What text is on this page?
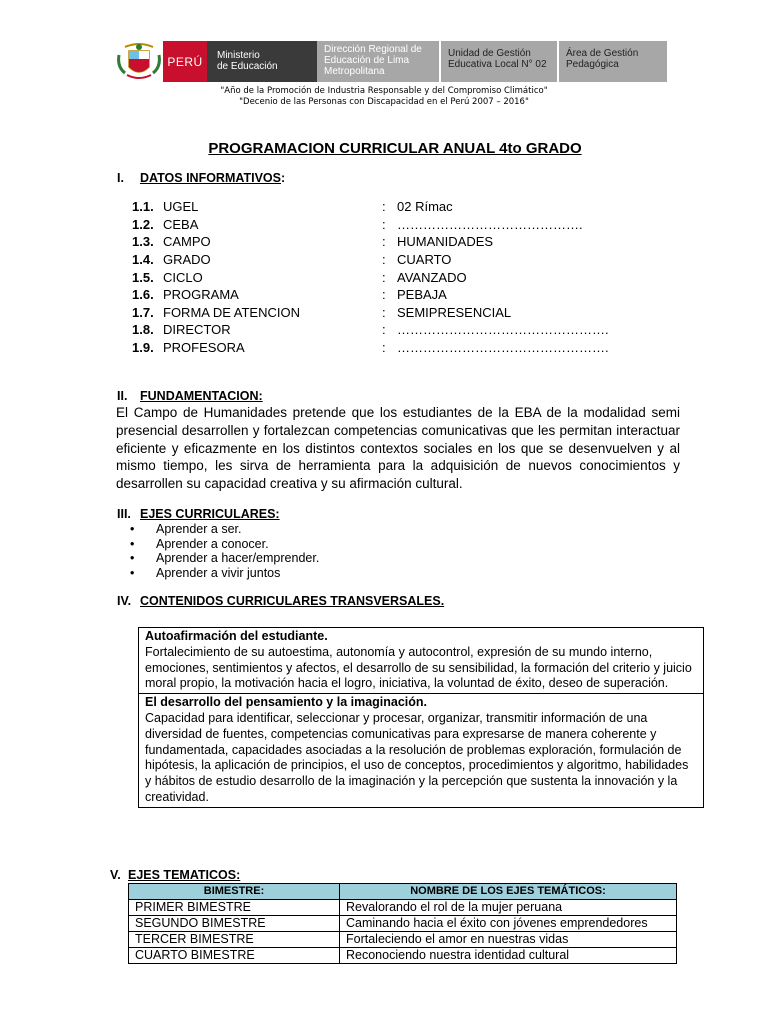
PERÚ	Ministerio
de Educación
Dirección Regional de
Educación de Lima
Metropolitana
Unidad de Gestión
Educativa Local N° 02
Área de Gestión
Pedagógica
"Año de la Promoción de Industria Responsable y del Compromiso Climático"
"Decenio de las Personas con Discapacidad en el Perú 2007 – 2016"
PROGRAMACION CURRICULAR ANUAL 4to GRADO
I. DATOS INFORMATIVOS:
1.1. UGEL	: 02 Rímac
1.2. CEBA	: …………………………………….
1.3. CAMPO	: HUMANIDADES
1.4. GRADO	: CUARTO
1.5. CICLO	: AVANZADO
1.6. PROGRAMA	: PEBAJA
1.7. FORMA DE ATENCION	: SEMIPRESENCIAL
1.8. DIRECTOR	: ………………………………………….
1.9. PROFESORA	: ………………………………………….
II. FUNDAMENTACION:
El Campo de Humanidades pretende que los estudiantes de la EBA de la modalidad semi presencial desarrollen y fortalezcan competencias comunicativas que les permitan interactuar eficiente y eficazmente en los distintos contextos sociales en los que se desenvuelven y al mismo tiempo, les sirva de herramienta para la adquisición de nuevos conocimientos y desarrollen su capacidad creativa y su afirmación cultural.
III. EJES CURRICULARES:
•	Aprender a ser.
•	Aprender a conocer.
•	Aprender a hacer/emprender.
•	Aprender a vivir juntos
IV. CONTENIDOS CURRICULARES TRANSVERSALES.
Autoafirmación del estudiante.
Fortalecimiento de su autoestima, autonomía y autocontrol, expresión de su mundo interno, emociones, sentimientos y afectos, el desarrollo de su sensibilidad, la formación del criterio y juicio moral propio, la motivación hacia el logro, iniciativa, la voluntad de éxito, deseo de superación.
El desarrollo del pensamiento y la imaginación.
Capacidad para identificar, seleccionar y procesar, organizar, transmitir información de una diversidad de fuentes, competencias comunicativas para expresarse de manera coherente y fundamentada, capacidades asociadas a la resolución de problemas exploración, formulación de hipótesis, la aplicación de principios, el uso de conceptos, procedimientos y algoritmo, habilidades y hábitos de estudio desarrollo de la imaginación y la percepción que sustenta la innovación y la creatividad.
V. EJES TEMATICOS:
BIMESTRE:	NOMBRE DE LOS EJES TEMÁTICOS:
PRIMER BIMESTRE	Revalorando el rol de la mujer peruana
SEGUNDO BIMESTRE	Caminando hacia el éxito con jóvenes emprendedores
TERCER BIMESTRE	Fortaleciendo el amor en nuestras vidas
CUARTO BIMESTRE	Reconociendo nuestra identidad cultural
